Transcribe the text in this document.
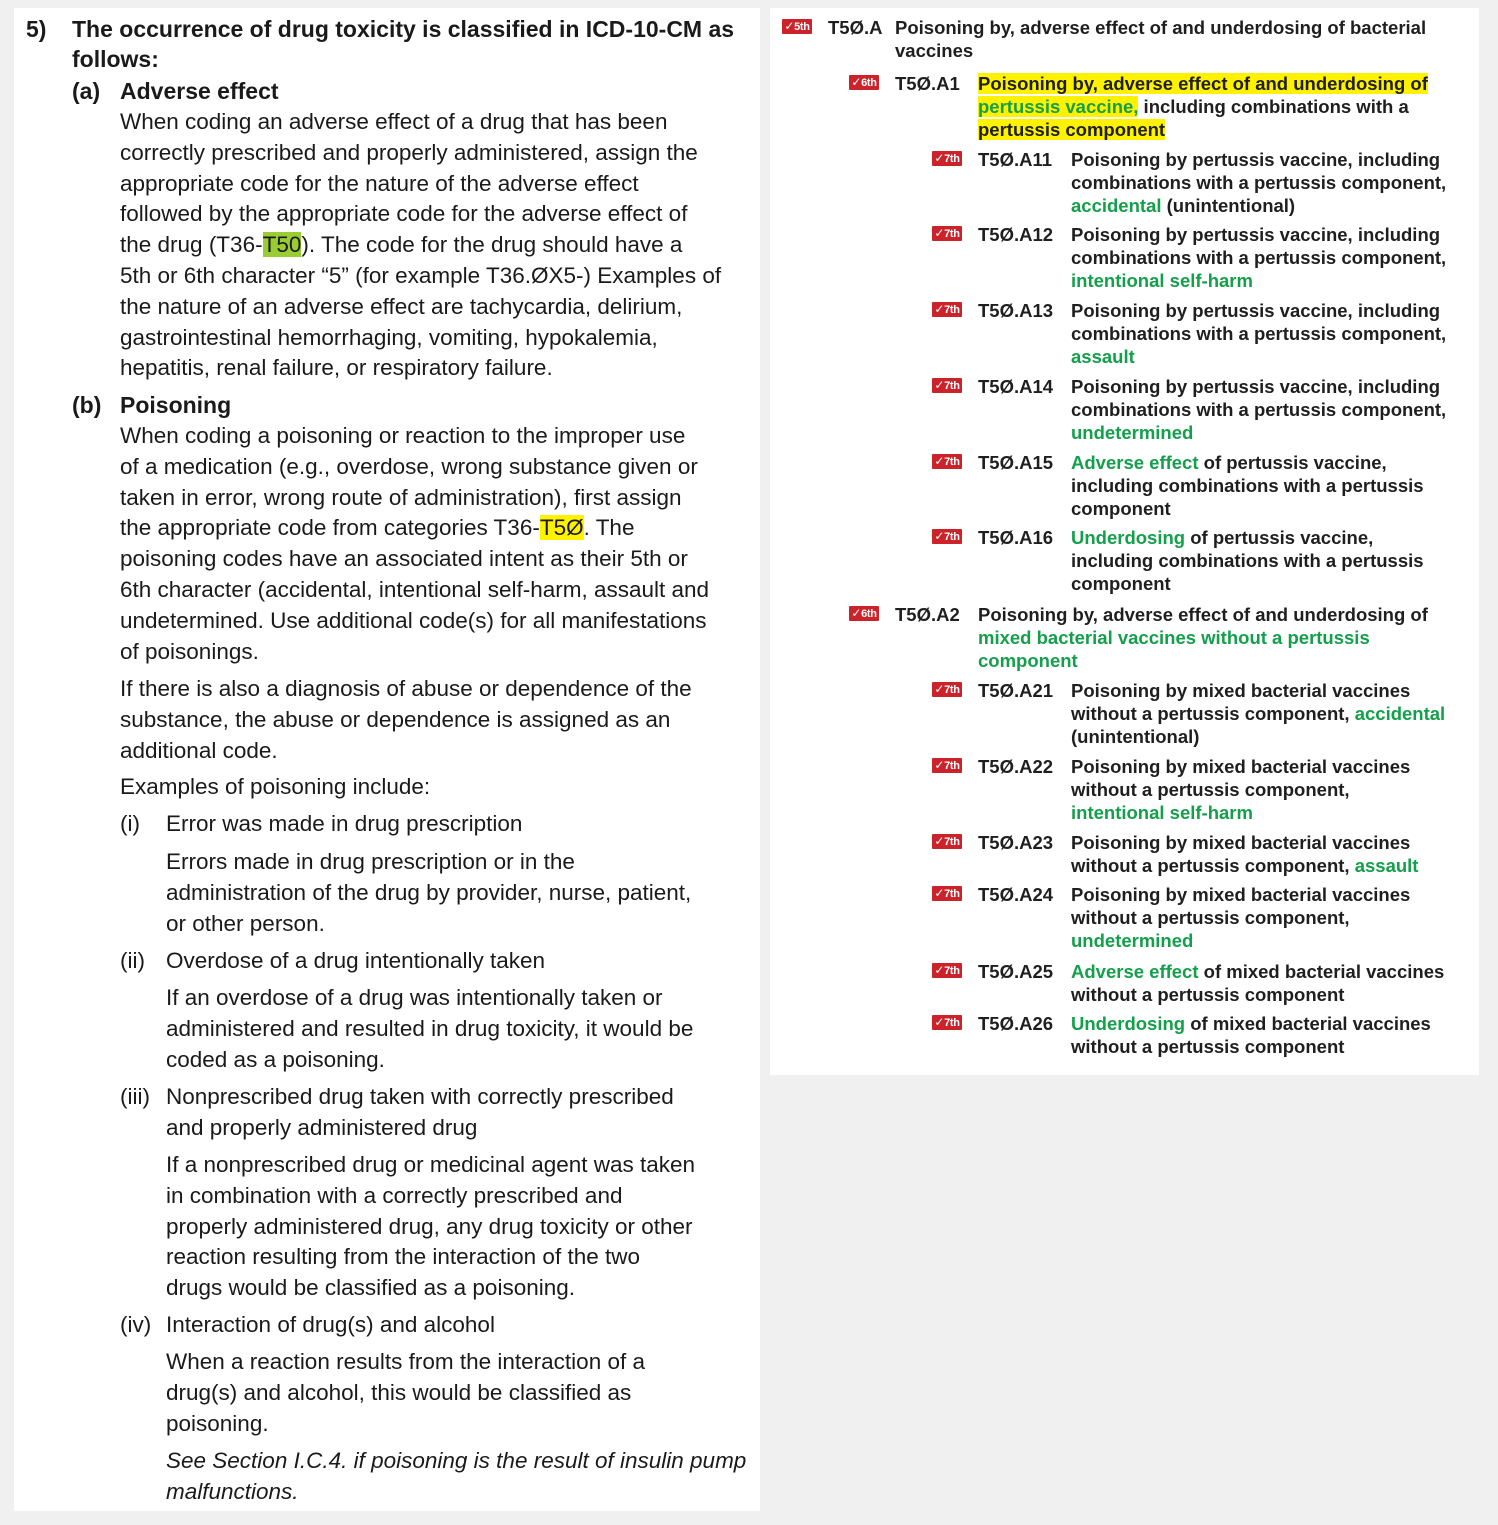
5) The occurrence of drug toxicity is classified in ICD-10-CM as
follows:
(a) Adverse effect
When coding an adverse effect of a drug that has been
correctly prescribed and properly administered, assign the
appropriate code for the nature of the adverse effect
followed by the appropriate code for the adverse effect of
the drug (T36-T50). The code for the drug should have a
5th or 6th character “5” (for example T36.ØX5-) Examples of
the nature of an adverse effect are tachycardia, delirium,
gastrointestinal hemorrhaging, vomiting, hypokalemia,
hepatitis, renal failure, or respiratory failure.
(b) Poisoning
When coding a poisoning or reaction to the improper use
of a medication (e.g., overdose, wrong substance given or
taken in error, wrong route of administration), first assign
the appropriate code from categories T36-T5Ø. The
poisoning codes have an associated intent as their 5th or
6th character (accidental, intentional self-harm, assault and
undetermined. Use additional code(s) for all manifestations
of poisonings.
If there is also a diagnosis of abuse or dependence of the
substance, the abuse or dependence is assigned as an
additional code.
Examples of poisoning include:
(i) Error was made in drug prescription
Errors made in drug prescription or in the
administration of the drug by provider, nurse, patient,
or other person.
(ii) Overdose of a drug intentionally taken
If an overdose of a drug was intentionally taken or
administered and resulted in drug toxicity, it would be
coded as a poisoning.
(iii) Nonprescribed drug taken with correctly prescribed
and properly administered drug
If a nonprescribed drug or medicinal agent was taken
in combination with a correctly prescribed and
properly administered drug, any drug toxicity or other
reaction resulting from the interaction of the two
drugs would be classified as a poisoning.
(iv) Interaction of drug(s) and alcohol
When a reaction results from the interaction of a
drug(s) and alcohol, this would be classified as
poisoning.
See Section I.C.4. if poisoning is the result of insulin pump
malfunctions.
✓5th T5Ø.A Poisoning by, adverse effect of and underdosing of bacterial
vaccines
✓6th T5Ø.A1 Poisoning by, adverse effect of and underdosing of
pertussis vaccine, including combinations with a
pertussis component
✓7th T5Ø.A11 Poisoning by pertussis vaccine, including
combinations with a pertussis component,
accidental (unintentional)
✓7th T5Ø.A12 Poisoning by pertussis vaccine, including
combinations with a pertussis component,
intentional self-harm
✓7th T5Ø.A13 Poisoning by pertussis vaccine, including
combinations with a pertussis component,
assault
✓7th T5Ø.A14 Poisoning by pertussis vaccine, including
combinations with a pertussis component,
undetermined
✓7th T5Ø.A15 Adverse effect of pertussis vaccine,
including combinations with a pertussis
component
✓7th T5Ø.A16 Underdosing of pertussis vaccine,
including combinations with a pertussis
component
✓6th T5Ø.A2 Poisoning by, adverse effect of and underdosing of
mixed bacterial vaccines without a pertussis
component
✓7th T5Ø.A21 Poisoning by mixed bacterial vaccines
without a pertussis component, accidental
(unintentional)
✓7th T5Ø.A22 Poisoning by mixed bacterial vaccines
without a pertussis component,
intentional self-harm
✓7th T5Ø.A23 Poisoning by mixed bacterial vaccines
without a pertussis component, assault
✓7th T5Ø.A24 Poisoning by mixed bacterial vaccines
without a pertussis component,
undetermined
✓7th T5Ø.A25 Adverse effect of mixed bacterial vaccines
without a pertussis component
✓7th T5Ø.A26 Underdosing of mixed bacterial vaccines
without a pertussis component
